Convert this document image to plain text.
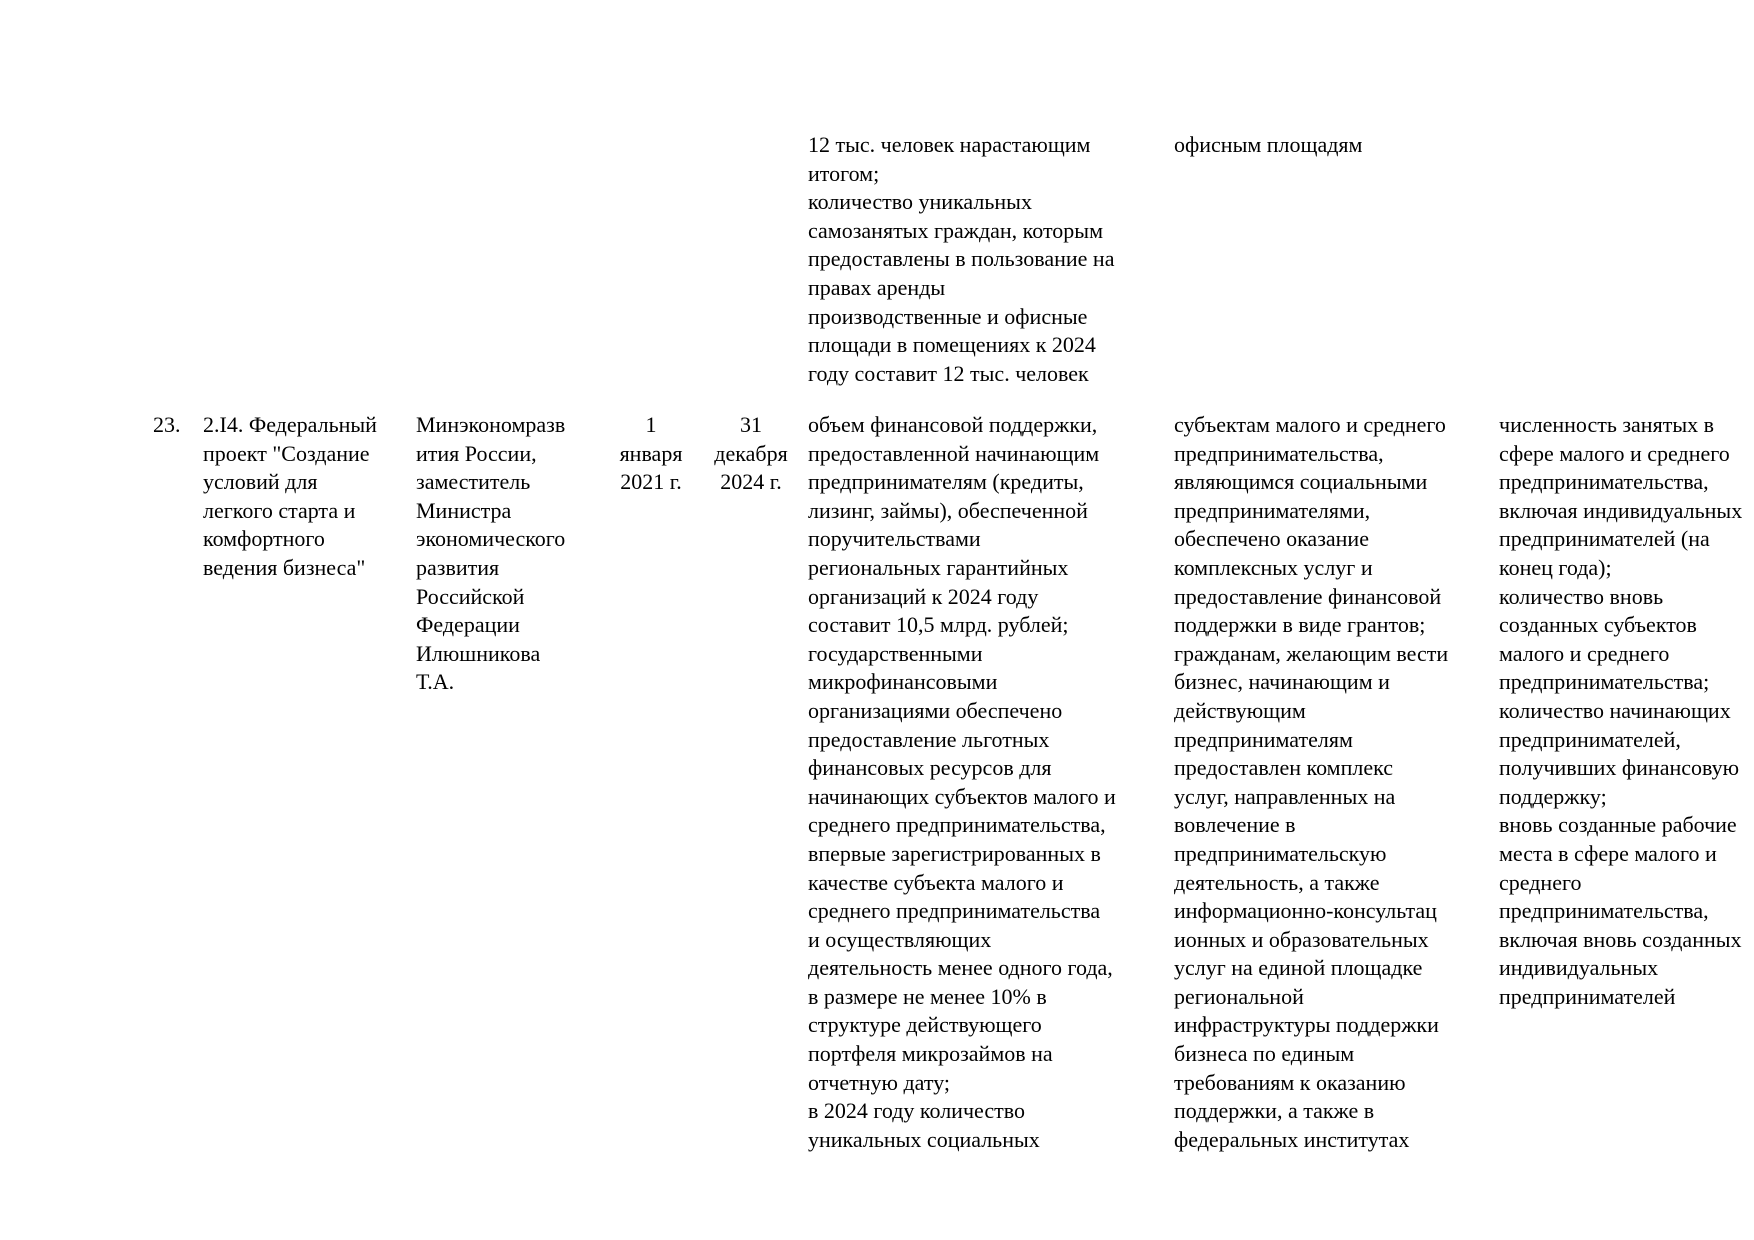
12 тыс. человек нарастающим
итогом;
количество уникальных
самозанятых граждан, которым
предоставлены в пользование на
правах аренды
производственные и офисные
площади в помещениях к 2024
году составит 12 тыс. человек
офисным площадям
23. 2.I4. Федеральный
проект "Создание
условий для
легкого старта и
комфортного
ведения бизнеса"
Минэкономразв
ития России,
заместитель
Министра
экономического
развития
Российской
Федерации
Илюшникова
Т.А.
1
января
2021 г.
31
декабря
2024 г.
объем финансовой поддержки,
предоставленной начинающим
предпринимателям (кредиты,
лизинг, займы), обеспеченной
поручительствами
региональных гарантийных
организаций к 2024 году
составит 10,5 млрд. рублей;
государственными
микрофинансовыми
организациями обеспечено
предоставление льготных
финансовых ресурсов для
начинающих субъектов малого и
среднего предпринимательства,
впервые зарегистрированных в
качестве субъекта малого и
среднего предпринимательства
и осуществляющих
деятельность менее одного года,
в размере не менее 10% в
структуре действующего
портфеля микрозаймов на
отчетную дату;
в 2024 году количество
уникальных социальных
субъектам малого и среднего
предпринимательства,
являющимся социальными
предпринимателями,
обеспечено оказание
комплексных услуг и
предоставление финансовой
поддержки в виде грантов;
гражданам, желающим вести
бизнес, начинающим и
действующим
предпринимателям
предоставлен комплекс
услуг, направленных на
вовлечение в
предпринимательскую
деятельность, а также
информационно-консультац
ионных и образовательных
услуг на единой площадке
региональной
инфраструктуры поддержки
бизнеса по единым
требованиям к оказанию
поддержки, а также в
федеральных институтах
численность занятых в
сфере малого и среднего
предпринимательства,
включая индивидуальных
предпринимателей (на
конец года);
количество вновь
созданных субъектов
малого и среднего
предпринимательства;
количество начинающих
предпринимателей,
получивших финансовую
поддержку;
вновь созданные рабочие
места в сфере малого и
среднего
предпринимательства,
включая вновь созданных
индивидуальных
предпринимателей
